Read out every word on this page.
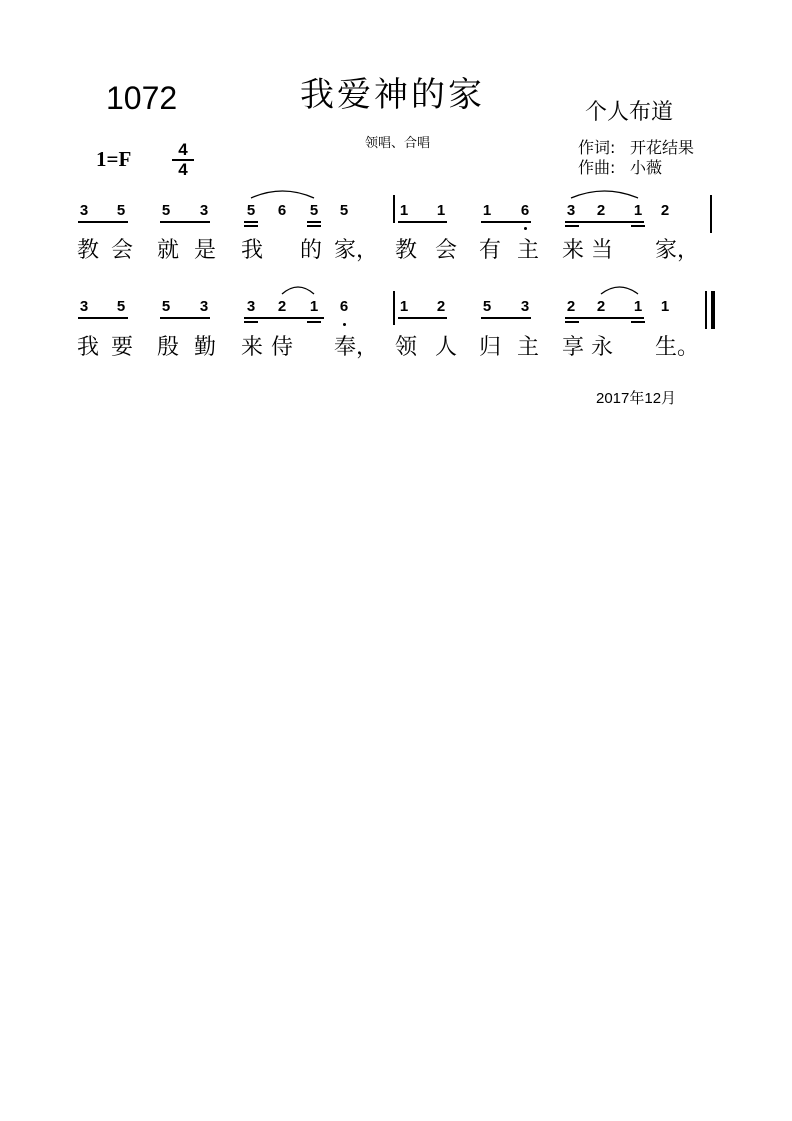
1072	我爱神的家	个人布道
领唱、合唱	作词: 开花结果
作曲: 小薇
1=F	4
4
3 5 5 3	5 6 5 5	1 1	1 6	3 2 1 2
教 会 就 是 我 的 家， 教 会 有 主 来 当 家，
3 5 5 3	3 2 1 6	1 2	5 3	2 2 1 1
我 要 殷 勤 来 侍 奉， 领 人 归 主 享 永 生。
2017年12月
